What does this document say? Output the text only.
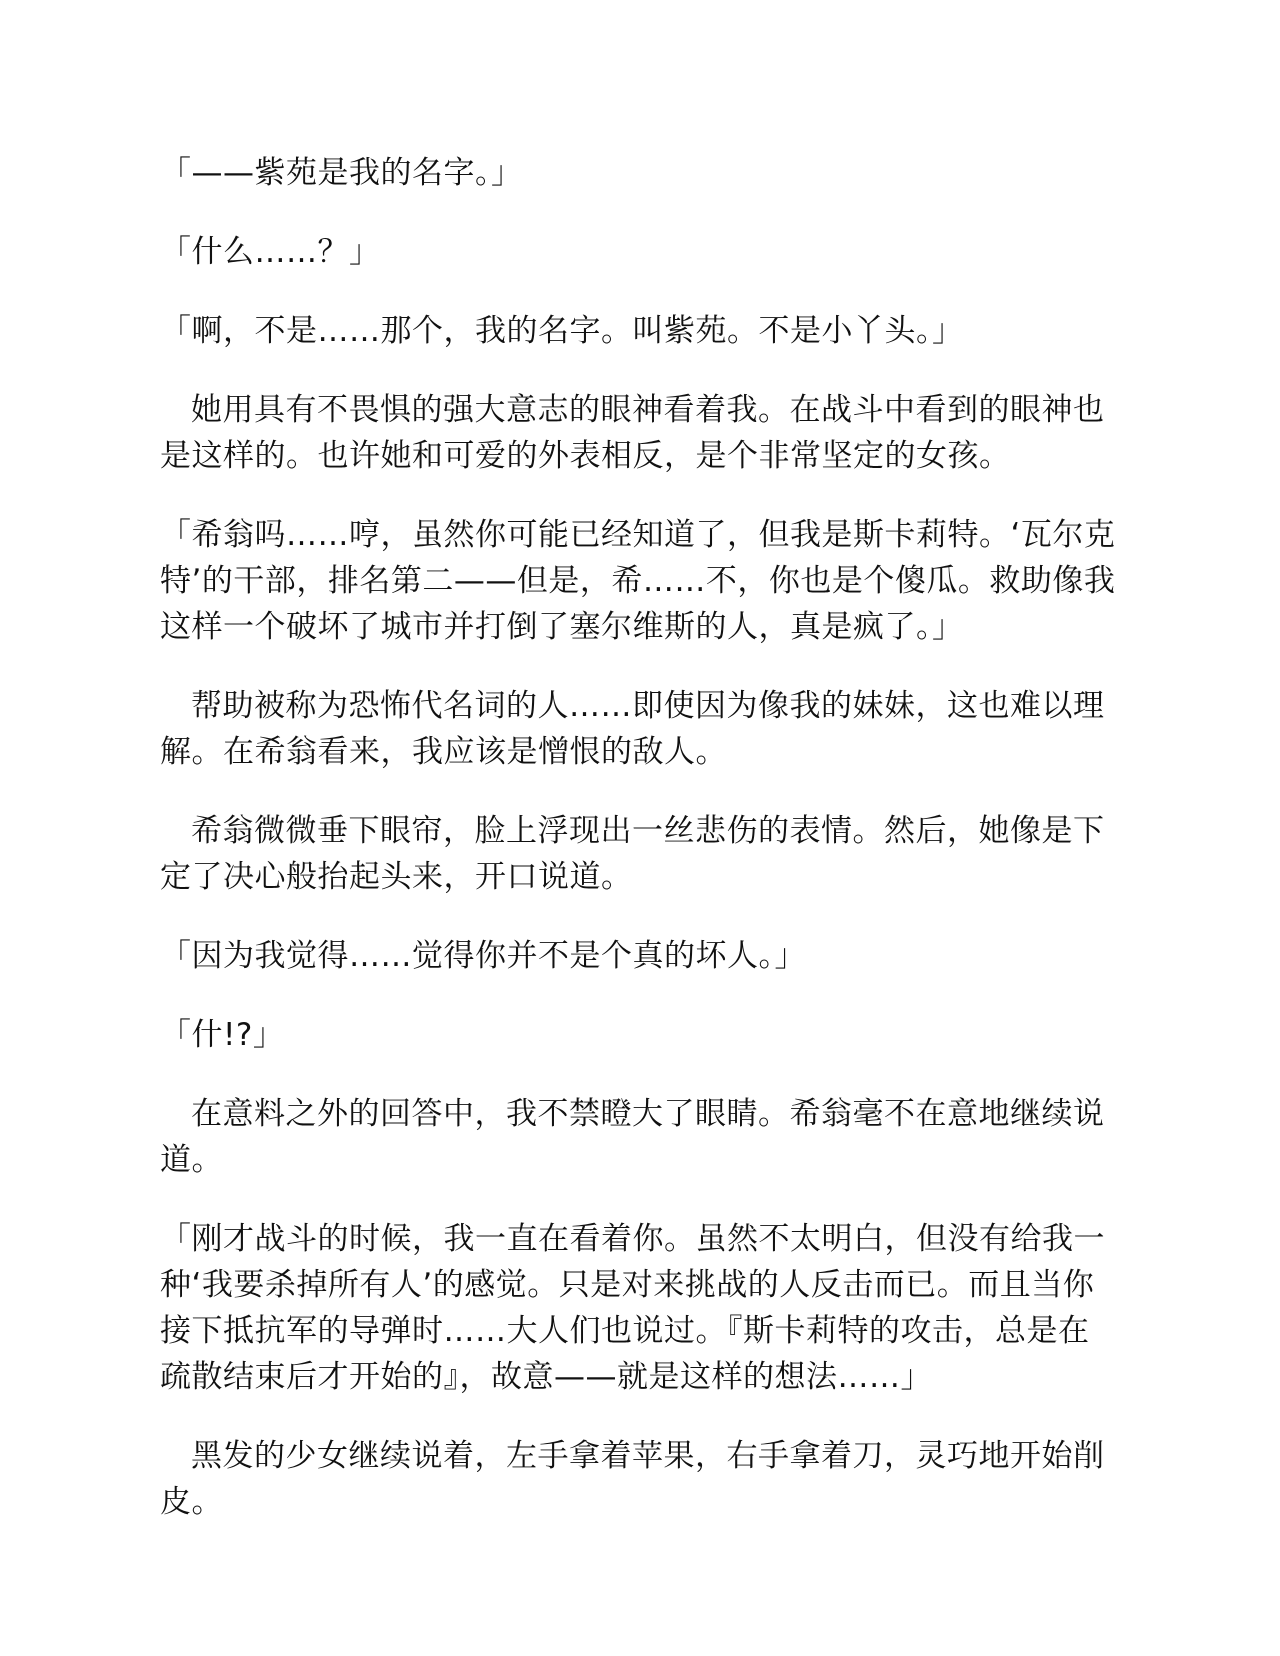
「——紫苑是我的名字。」

「什么……？」

「啊，不是……那个，我的名字。叫紫苑。不是小丫头。」

她用具有不畏惧的强大意志的眼神看着我。在战斗中看到的眼神也是这样的。也许她和可爱的外表相反，是个非常坚定的女孩。

「希翁吗……哼，虽然你可能已经知道了，但我是斯卡莉特。‘瓦尔克特’的干部，排名第二——但是，希……不，你也是个傻瓜。救助像我这样一个破坏了城市并打倒了塞尔维斯的人，真是疯了。」

帮助被称为恐怖代名词的人……即使因为像我的妹妹，这也难以理解。在希翁看来，我应该是憎恨的敌人。

希翁微微垂下眼帘，脸上浮现出一丝悲伤的表情。然后，她像是下定了决心般抬起头来，开口说道。

「因为我觉得……觉得你并不是个真的坏人。」

「什!?」

在意料之外的回答中，我不禁瞪大了眼睛。希翁毫不在意地继续说道。

「刚才战斗的时候，我一直在看着你。虽然不太明白，但没有给我一种‘我要杀掉所有人’的感觉。只是对来挑战的人反击而已。而且当你接下抵抗军的导弹时……大人们也说过。『斯卡莉特的攻击，总是在疏散结束后才开始的』，故意——就是这样的想法……」

黑发的少女继续说着，左手拿着苹果，右手拿着刀，灵巧地开始削皮。
